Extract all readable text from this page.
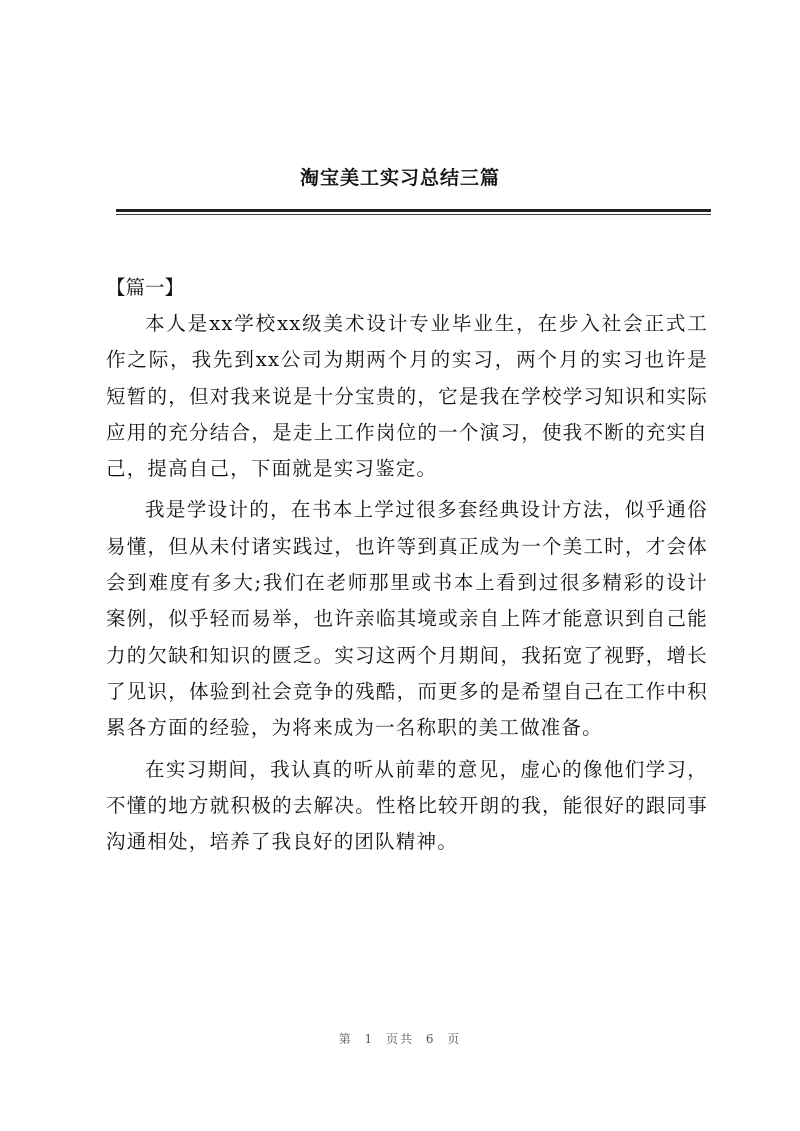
淘宝美工实习总结三篇

【篇一】

本人是xx学校xx级美术设计专业毕业生，在步入社会正式工作之际，我先到xx公司为期两个月的实习，两个月的实习也许是短暂的，但对我来说是十分宝贵的，它是我在学校学习知识和实际应用的充分结合，是走上工作岗位的一个演习，使我不断的充实自己，提高自己，下面就是实习鉴定。

我是学设计的，在书本上学过很多套经典设计方法，似乎通俗易懂，但从未付诸实践过，也许等到真正成为一个美工时，才会体会到难度有多大;我们在老师那里或书本上看到过很多精彩的设计案例，似乎轻而易举，也许亲临其境或亲自上阵才能意识到自己能力的欠缺和知识的匮乏。实习这两个月期间，我拓宽了视野，增长了见识，体验到社会竞争的残酷，而更多的是希望自己在工作中积累各方面的经验，为将来成为一名称职的美工做准备。

在实习期间，我认真的听从前辈的意见，虚心的像他们学习，不懂的地方就积极的去解决。性格比较开朗的我，能很好的跟同事沟通相处，培养了我良好的团队精神。

第 1 页共 6 页
